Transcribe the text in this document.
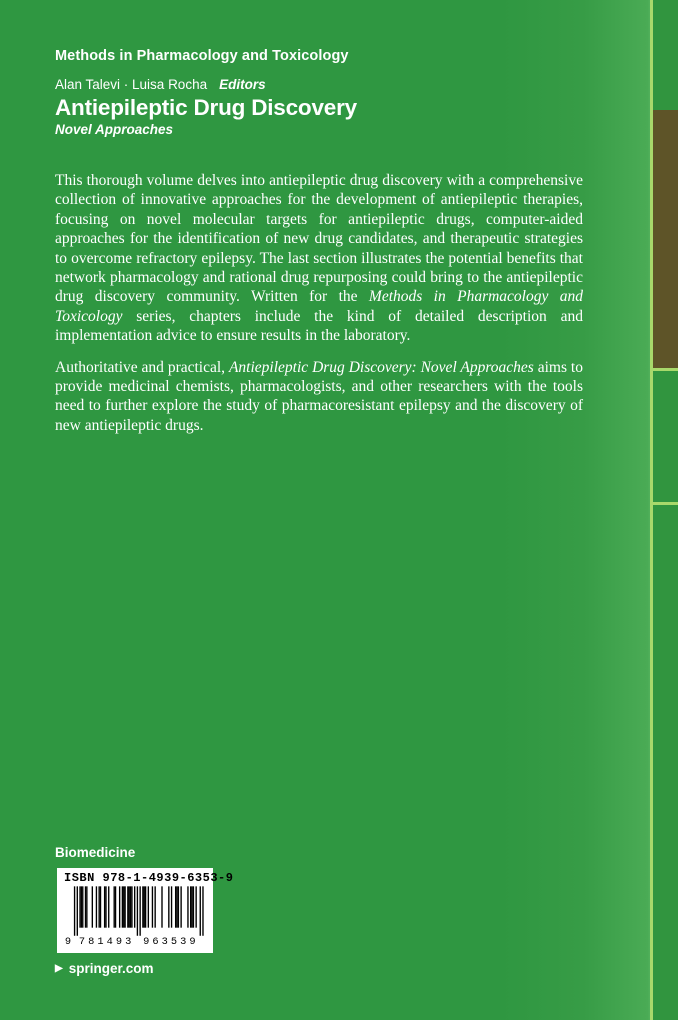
Methods in Pharmacology and Toxicology
Alan Talevi · Luisa Rocha Editors
Antiepileptic Drug Discovery
Novel Approaches

This thorough volume delves into antiepileptic drug discovery with a comprehensive collection of innovative approaches for the development of antiepileptic therapies, focusing on novel molecular targets for antiepileptic drugs, computer-aided approaches for the identification of new drug candidates, and therapeutic strategies to overcome refractory epilepsy. The last section illustrates the potential benefits that network pharmacology and rational drug repurposing could bring to the antiepileptic drug discovery community. Written for the Methods in Pharmacology and Toxicology series, chapters include the kind of detailed description and implementation advice to ensure results in the laboratory.

Authoritative and practical, Antiepileptic Drug Discovery: Novel Approaches aims to provide medicinal chemists, pharmacologists, and other researchers with the tools need to further explore the study of pharmacoresistant epilepsy and the discovery of new antiepileptic drugs.

Biomedicine
ISBN 978-1-4939-6353-9
9 781493 963539
▶ springer.com
